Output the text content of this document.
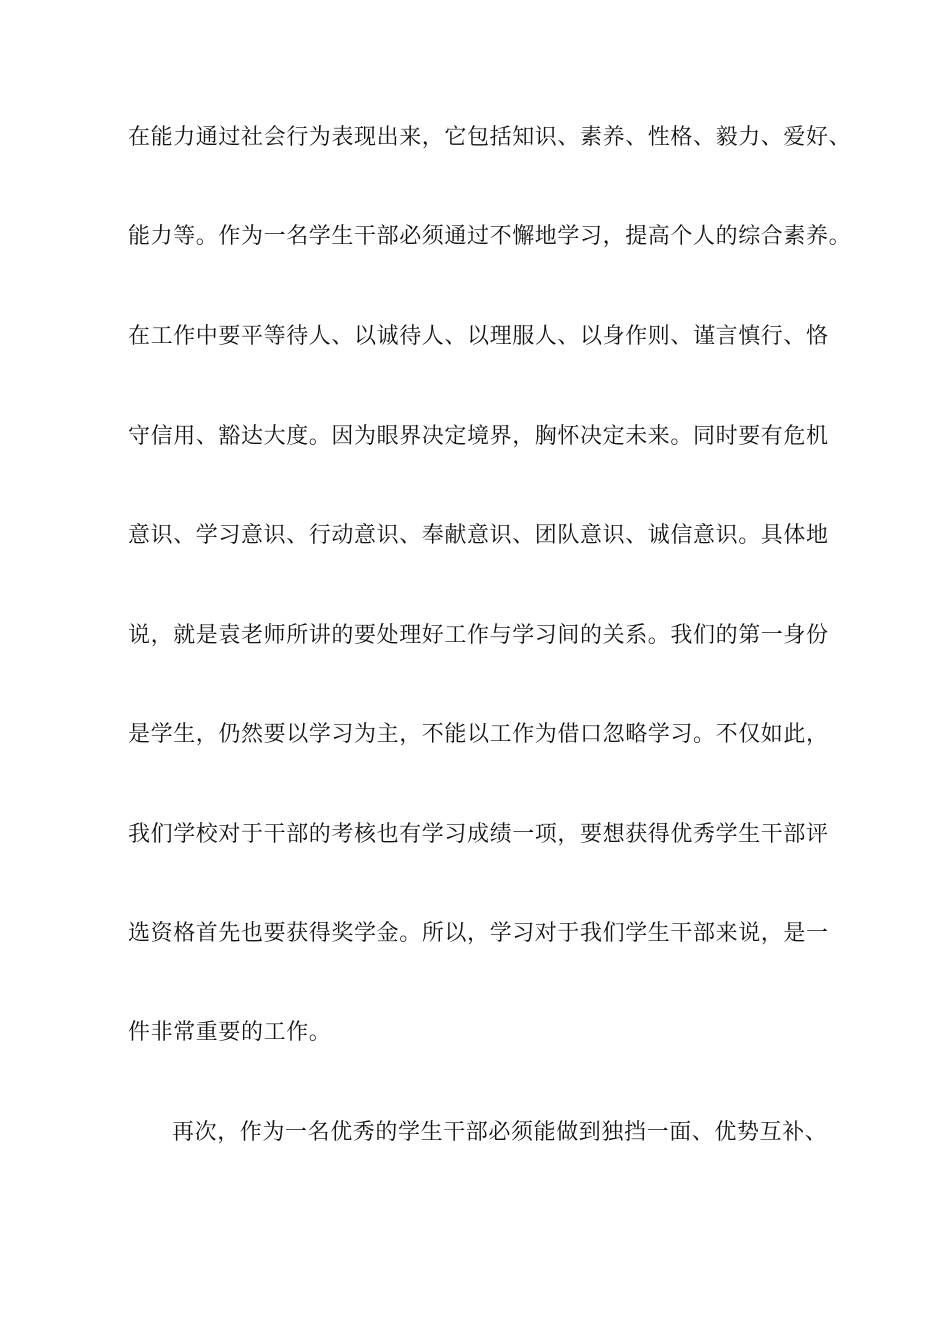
在能力通过社会行为表现出来，它包括知识、素养、性格、毅力、爱好、
能力等。作为一名学生干部必须通过不懈地学习，提高个人的综合素养。
在工作中要平等待人、以诚待人、以理服人、以身作则、谨言慎行、恪
守信用、豁达大度。因为眼界决定境界，胸怀决定未来。同时要有危机
意识、学习意识、行动意识、奉献意识、团队意识、诚信意识。具体地
说，就是袁老师所讲的要处理好工作与学习间的关系。我们的第一身份
是学生，仍然要以学习为主，不能以工作为借口忽略学习。不仅如此，
我们学校对于干部的考核也有学习成绩一项，要想获得优秀学生干部评
选资格首先也要获得奖学金。所以，学习对于我们学生干部来说，是一
件非常重要的工作。
再次，作为一名优秀的学生干部必须能做到独挡一面、优势互补、
